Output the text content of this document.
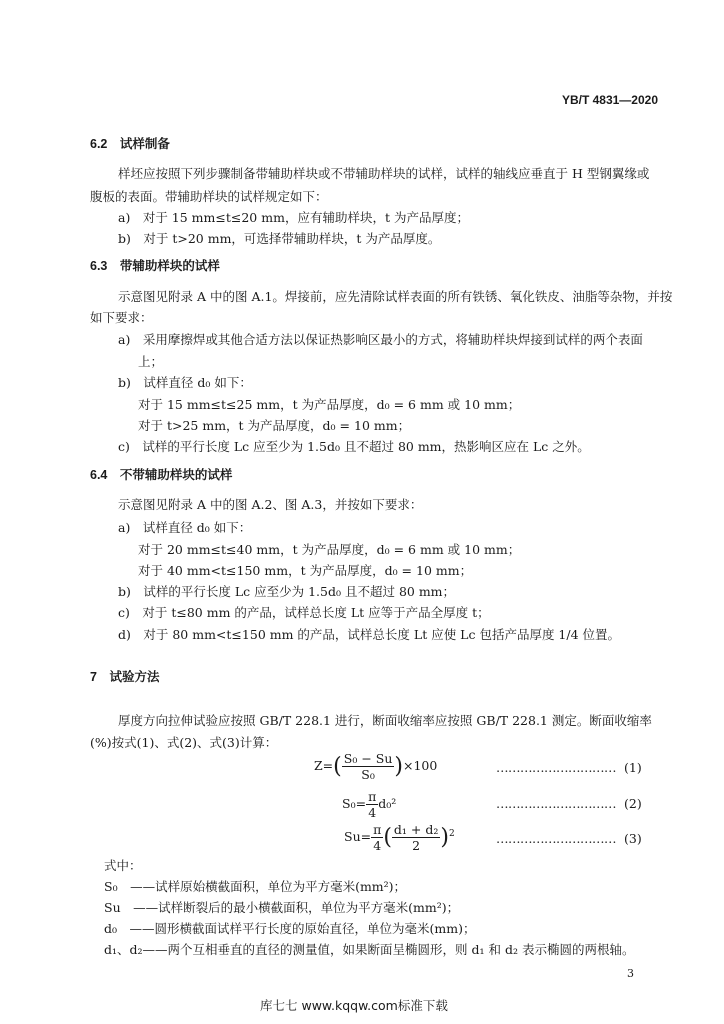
YB/T 4831—2020
6.2　试样制备
样坯应按照下列步骤制备带辅助样块或不带辅助样块的试样，试样的轴线应垂直于 H 型钢翼缘或
腹板的表面。带辅助样块的试样规定如下：
a)　对于 15 mm≤t≤20 mm，应有辅助样块，t 为产品厚度；
b)　对于 t>20 mm，可选择带辅助样块，t 为产品厚度。
6.3　带辅助样块的试样
示意图见附录 A 中的图 A.1。焊接前，应先清除试样表面的所有铁锈、氧化铁皮、油脂等杂物，并按
如下要求：
a)　采用摩擦焊或其他合适方法以保证热影响区最小的方式，将辅助样块焊接到试样的两个表面
上；
b)　试样直径 d₀ 如下：
对于 15 mm≤t≤25 mm，t 为产品厚度，d₀ = 6 mm 或 10 mm；
对于 t>25 mm，t 为产品厚度，d₀ = 10 mm；
c)　试样的平行长度 Lc 应至少为 1.5d₀ 且不超过 80 mm，热影响区应在 Lc 之外。
6.4　不带辅助样块的试样
示意图见附录 A 中的图 A.2、图 A.3，并按如下要求：
a)　试样直径 d₀ 如下：
对于 20 mm≤t≤40 mm，t 为产品厚度，d₀ = 6 mm 或 10 mm；
对于 40 mm<t≤150 mm，t 为产品厚度，d₀ = 10 mm；
b)　试样的平行长度 Lc 应至少为 1.5d₀ 且不超过 80 mm；
c)　对于 t≤80 mm 的产品，试样总长度 Lt 应等于产品全厚度 t；
d)　对于 80 mm<t≤150 mm 的产品，试样总长度 Lt 应使 Lc 包括产品厚度 1/4 位置。
7　试验方法
厚度方向拉伸试验应按照 GB/T 228.1 进行，断面收缩率应按照 GB/T 228.1 测定。断面收缩率
(%)按式(1)、式(2)、式(3)计算：
$Z=( \frac{\text{S₀ − Su}}{\text{S₀}} )\times 100$	………………………… (1)
$S_0= \frac{\pi}{4} d_0^2$	………………………… (2)
$Su= \frac{\pi}{4}$ ( $\frac{\text{d₁ + d₂}}{2} )^2$	………………………… (3)
式中：
S₀　——试样原始横截面积，单位为平方毫米(mm²)；
Su　——试样断裂后的最小横截面积，单位为平方毫米(mm²)；
d₀　——圆形横截面试样平行长度的原始直径，单位为毫米(mm)；
d₁、d₂——两个互相垂直的直径的测量值，如果断面呈椭圆形，则 d₁ 和 d₂ 表示椭圆的两根轴。
3
库七七 www.kqqw.com标准下载
